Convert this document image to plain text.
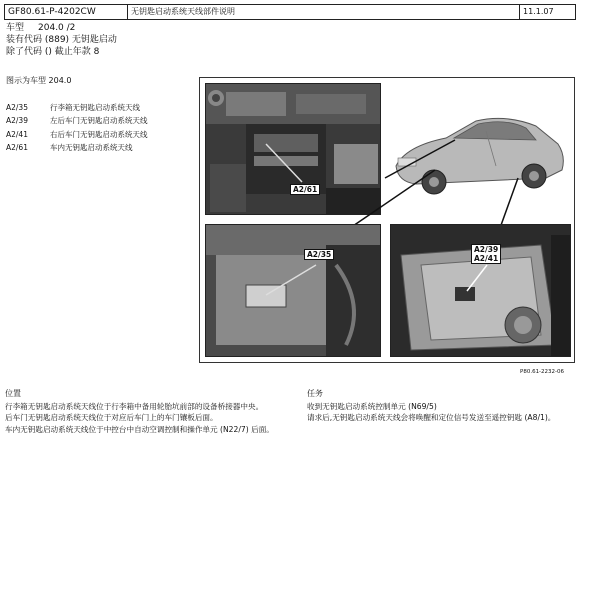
GF80.61-P-4202CW	无钥匙启动系统天线部件说明	11.1.07
车型 204.0 /2
装有代码 (889) 无钥匙启动
除了代码 () 截止年款 8
图示为车型 204.0
A2/35	行李箱无钥匙启动系统天线
A2/39	左后车门无钥匙启动系统天线
A2/41	右后车门无钥匙启动系统天线
A2/61	车内无钥匙启动系统天线
A2/61
A2/35
A2/39
A2/41
P80.61-2232-06
位置

行李箱无钥匙启动系统天线位于行李箱中备用轮胎坑前部的设备桥接器中央。

后车门无钥匙启动系统天线位于对应后车门上的车门镶板后面。

车内无钥匙启动系统天线位于中控台中自动空调控制和操作单元 (N22/7) 后面。

任务

收到无钥匙启动系统控制单元 (N69/5)

请求后,无钥匙启动系统天线会将唤醒和定位信号发送至遥控钥匙 (A8/1)。
